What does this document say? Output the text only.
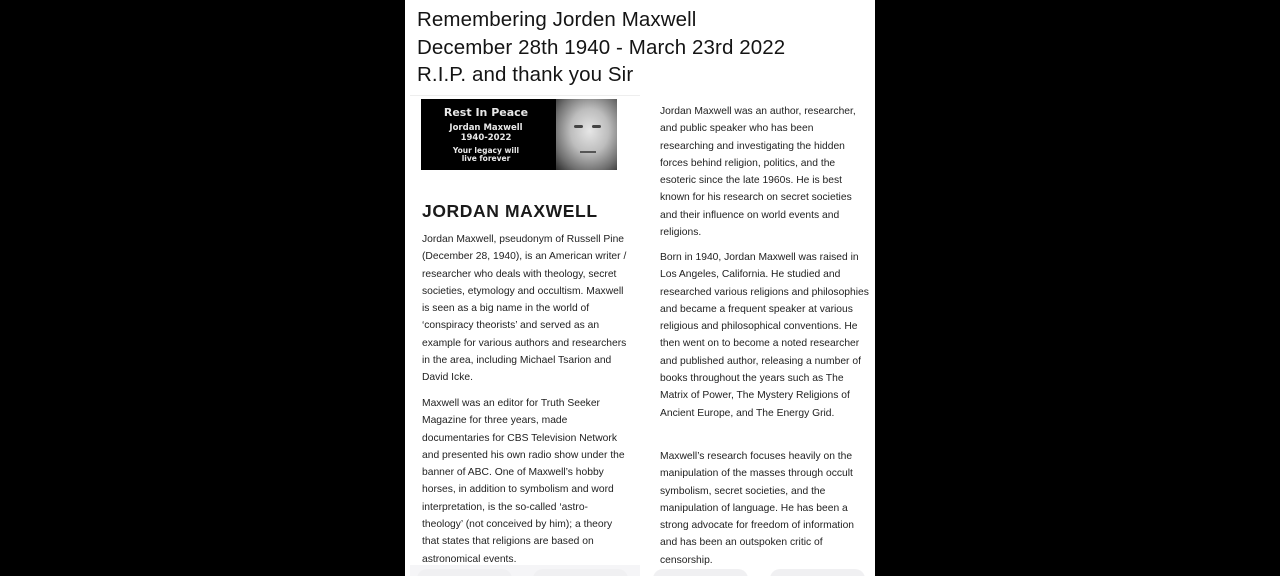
Remembering Jorden Maxwell
December 28th 1940 - March 23rd 2022
R.I.P. and thank you Sir
Rest In Peace
Jordan Maxwell
1940-2022
Your legacy will
live forever
JORDAN MAXWELL
Jordan Maxwell, pseudonym of Russell Pine (December 28, 1940), is an American writer / researcher who deals with theology, secret societies, etymology and occultism. Maxwell is seen as a big name in the world of ‘conspiracy theorists’ and served as an example for various authors and researchers in the area, including Michael Tsarion and David Icke.
Maxwell was an editor for Truth Seeker Magazine for three years, made documentaries for CBS Television Network and presented his own radio show under the banner of ABC. One of Maxwell’s hobby horses, in addition to symbolism and word interpretation, is the so-called ‘astro-theology’ (not conceived by him); a theory that states that religions are based on astronomical events.
Jordan Maxwell was an author, researcher, and public speaker who has been researching and investigating the hidden forces behind religion, politics, and the esoteric since the late 1960s. He is best known for his research on secret societies and their influence on world events and religions.
Born in 1940, Jordan Maxwell was raised in Los Angeles, California. He studied and researched various religions and philosophies and became a frequent speaker at various religious and philosophical conventions. He then went on to become a noted researcher and published author, releasing a number of books throughout the years such as The Matrix of Power, The Mystery Religions of Ancient Europe, and The Energy Grid.
Maxwell’s research focuses heavily on the manipulation of the masses through occult symbolism, secret societies, and the manipulation of language. He has been a strong advocate for freedom of information and has been an outspoken critic of censorship.
